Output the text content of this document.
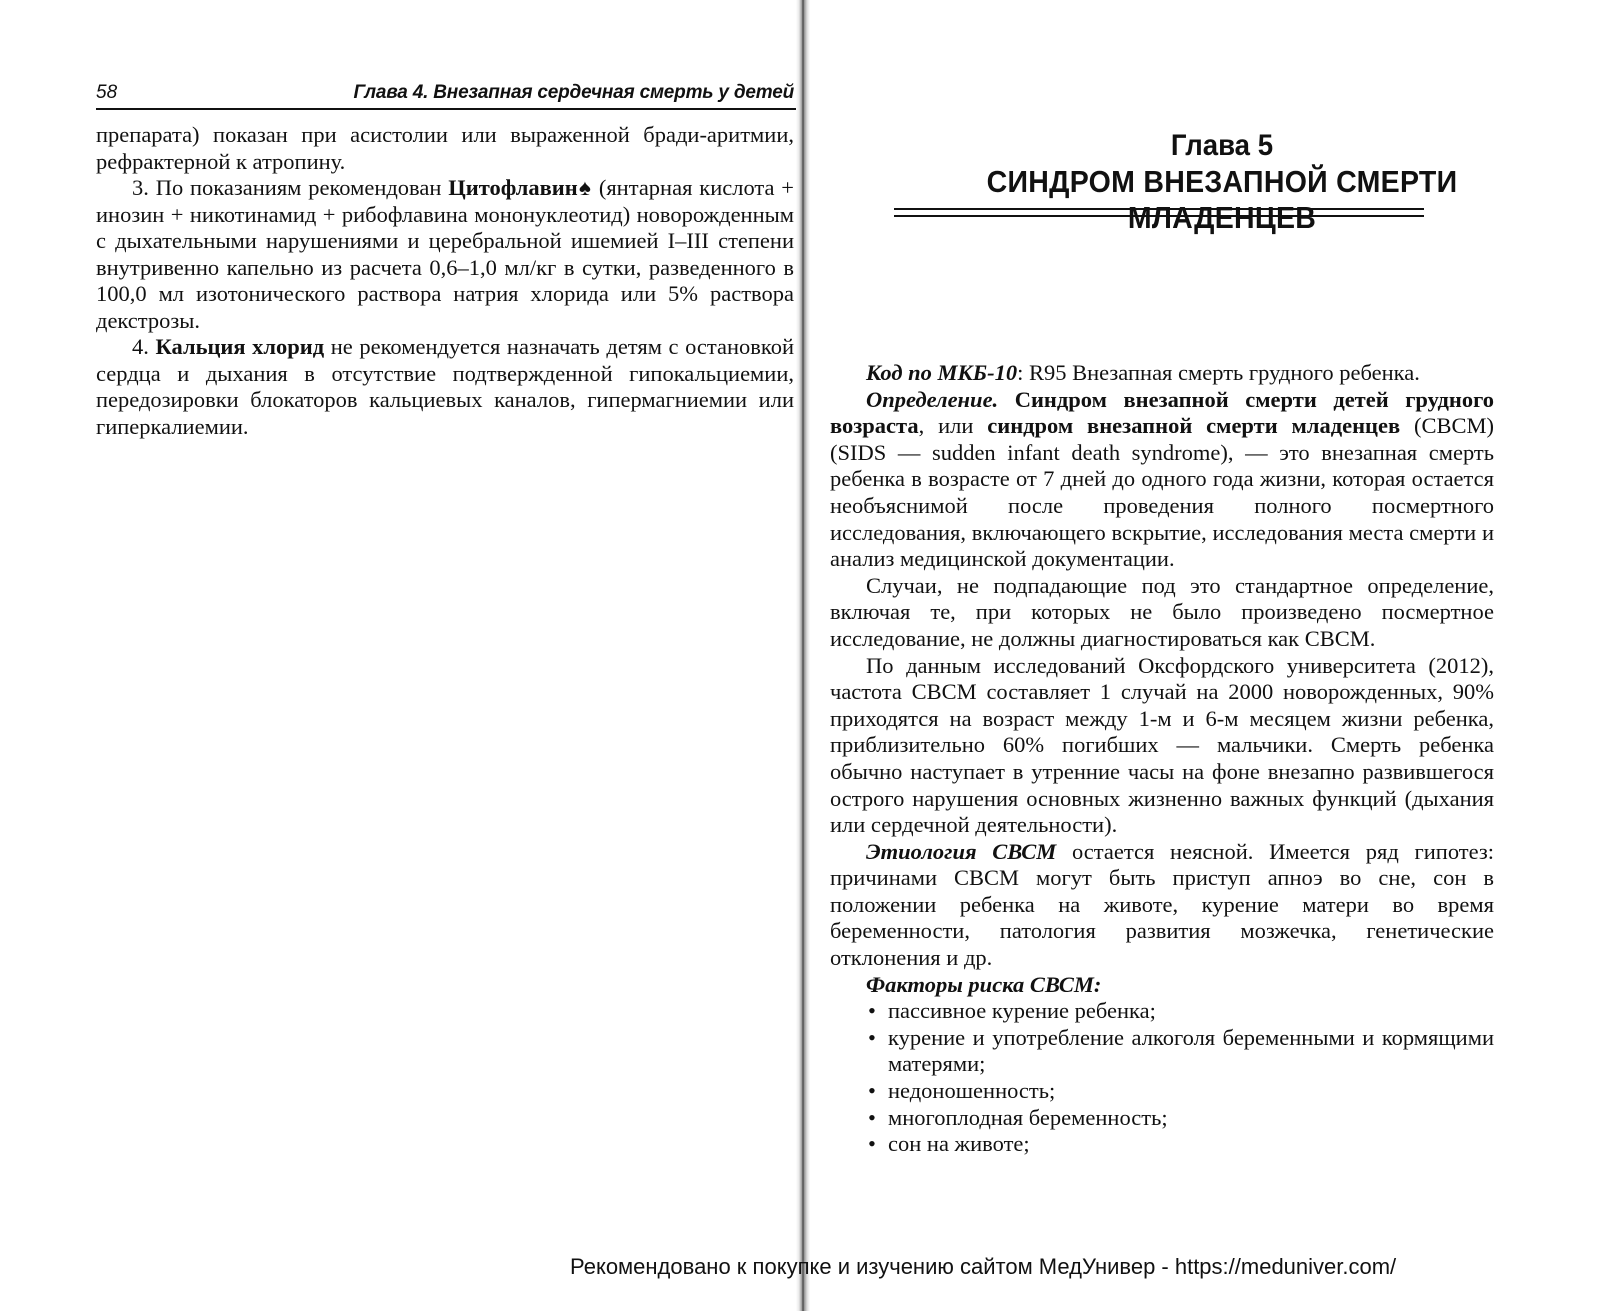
58	Глава 4. Внезапная сердечная смерть у детей

препарата) показан при асистолии или выраженной бради-аритмии, рефрактерной к атропину.

3. По показаниям рекомендован Цитофлавин♠ (янтарная кислота + инозин + никотинамид + рибофлавина мононуклеотид) новорожденным с дыхательными нарушениями и церебральной ишемией I–III степени внутривенно капельно из расчета 0,6–1,0 мл/кг в сутки, разведенного в 100,0 мл изотонического раствора натрия хлорида или 5% раствора декстрозы.

4. Кальция хлорид не рекомендуется назначать детям с остановкой сердца и дыхания в отсутствие подтвержденной гипокальциемии, передозировки блокаторов кальциевых каналов, гипермагниемии или гиперкалиемии.

Глава 5
СИНДРОМ ВНЕЗАПНОЙ СМЕРТИ МЛАДЕНЦЕВ

Код по МКБ-10: R95 Внезапная смерть грудного ребенка.

Определение. Синдром внезапной смерти детей грудного возраста, или синдром внезапной смерти младенцев (СВСМ) (SIDS — sudden infant death syndrome), — это внезапная смерть ребенка в возрасте от 7 дней до одного года жизни, которая остается необъяснимой после проведения полного посмертного исследования, включающего вскрытие, исследования места смерти и анализ медицинской документации.

Случаи, не подпадающие под это стандартное определение, включая те, при которых не было произведено посмертное исследование, не должны диагностироваться как СВСМ.

По данным исследований Оксфордского университета (2012), частота СВСМ составляет 1 случай на 2000 новорожденных, 90% приходятся на возраст между 1-м и 6-м месяцем жизни ребенка, приблизительно 60% погибших — мальчики. Смерть ребенка обычно наступает в утренние часы на фоне внезапно развившегося острого нарушения основных жизненно важных функций (дыхания или сердечной деятельности).

Этиология СВСМ остается неясной. Имеется ряд гипотез: причинами СВСМ могут быть приступ апноэ во сне, сон в положении ребенка на животе, курение матери во время беременности, патология развития мозжечка, генетические отклонения и др.

Факторы риска СВСМ:
• пассивное курение ребенка;
• курение и употребление алкоголя беременными и кормящими матерями;
• недоношенность;
• многоплодная беременность;
• сон на животе;
Рекомендовано к покупке и изучению сайтом МедУнивер - https://meduniver.com/
